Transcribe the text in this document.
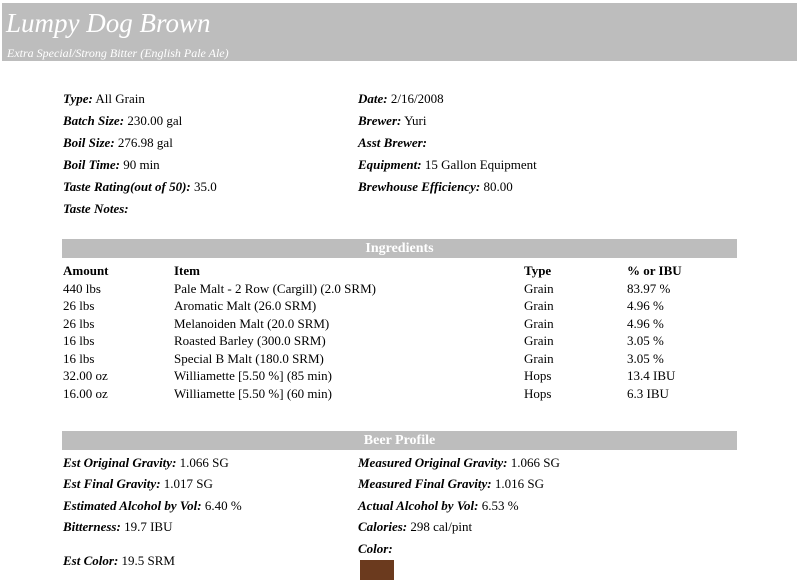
Lumpy Dog Brown
Extra Special/Strong Bitter (English Pale Ale)
Type: All Grain
Batch Size: 230.00 gal
Boil Size: 276.98 gal
Boil Time: 90 min
Taste Rating(out of 50): 35.0
Taste Notes:
Date: 2/16/2008
Brewer: Yuri
Asst Brewer:
Equipment: 15 Gallon Equipment
Brewhouse Efficiency: 80.00
Ingredients
Amount	Item	Type	% or IBU
440 lbs	Pale Malt - 2 Row (Cargill) (2.0 SRM)	Grain	83.97 %
26 lbs	Aromatic Malt (26.0 SRM)	Grain	4.96 %
26 lbs	Melanoiden Malt (20.0 SRM)	Grain	4.96 %
16 lbs	Roasted Barley (300.0 SRM)	Grain	3.05 %
16 lbs	Special B Malt (180.0 SRM)	Grain	3.05 %
32.00 oz	Williamette [5.50 %] (85 min)	Hops	13.4 IBU
16.00 oz	Williamette [5.50 %] (60 min)	Hops	6.3 IBU
Beer Profile
Est Original Gravity: 1.066 SG
Est Final Gravity: 1.017 SG
Estimated Alcohol by Vol: 6.40 %
Bitterness: 19.7 IBU
Est Color: 19.5 SRM
Measured Original Gravity: 1.066 SG
Measured Final Gravity: 1.016 SG
Actual Alcohol by Vol: 6.53 %
Calories: 298 cal/pint
Color:
